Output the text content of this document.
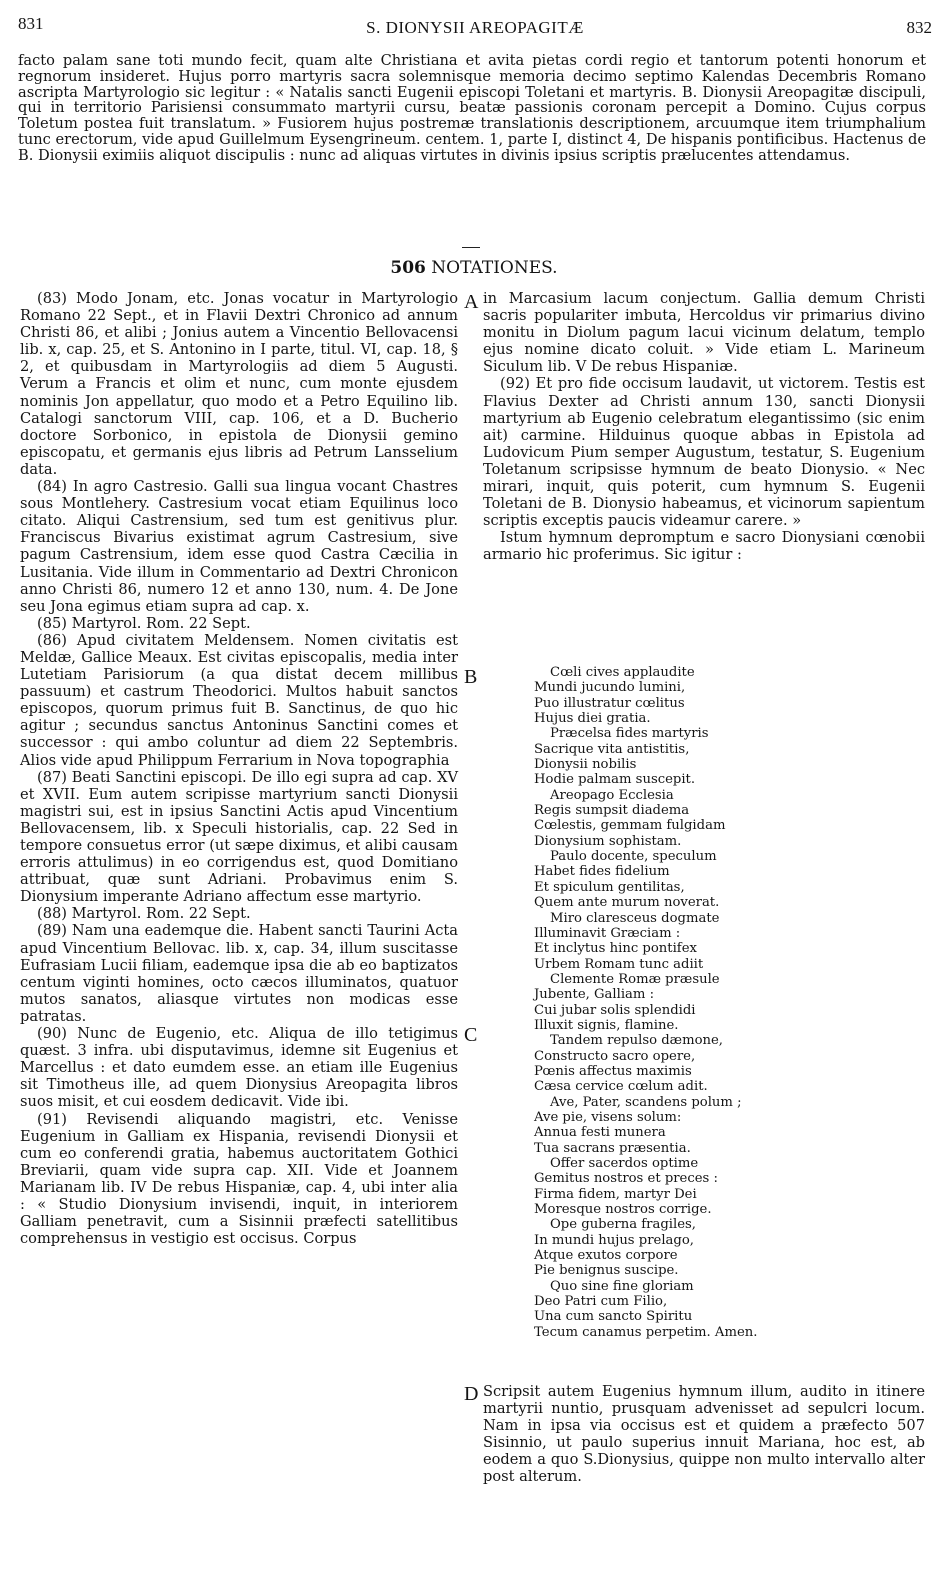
831	S. DIONYSII AREOPAGITÆ	832
facto palam sane toti mundo fecit, quam alte Christiana et avita pietas cordi regio et tantorum potenti honorum et regnorum insideret. Hujus porro martyris sacra solemnisque memoria decimo septimo Kalendas Decembris Romano ascripta Martyrologio sic legitur : « Natalis sancti Eugenii episcopi Toletani et martyris. B. Dionysii Areopagitæ discipuli, qui in territorio Parisiensi consummato martyrii cursu, beatæ passionis coronam percepit a Domino. Cujus corpus Toletum postea fuit translatum. » Fusiorem hujus postremæ translationis descriptionem, arcuumque item triumphalium tunc erectorum, vide apud Guillelmum Eysengrineum. centem. 1, parte I, distinct 4, De hispanis pontificibus. Hactenus de B. Dionysii eximiis aliquot discipulis : nunc ad aliquas virtutes in divinis ipsius scriptis prælucentes attendamus.
506 NOTATIONES.

(83) Modo Jonam, etc. Jonas vocatur in Martyrologio Romano 22 Sept., et in Flavii Dextri Chronico ad annum Christi 86, et alibi ; Jonius autem a Vincentio Bellovacensi lib. x, cap. 25, et S. Antonino in I parte, titul. VI, cap. 18, § 2, et quibusdam in Martyrologiis ad diem 5 Augusti. Verum a Francis et olim et nunc, cum monte ejusdem nominis Jon appellatur, quo modo et a Petro Equilino lib. Catalogi sanctorum VIII, cap. 106, et a D. Bucherio doctore Sorbonico, in epistola de Dionysii gemino episcopatu, et germanis ejus libris ad Petrum Lansselium data.

(84) In agro Castresio. Galli sua lingua vocant Chastres sous Montlehery. Castresium vocat etiam Equilinus loco citato. Aliqui Castrensium, sed tum est genitivus plur. Franciscus Bivarius existimat agrum Castresium, sive pagum Castrensium, idem esse quod Castra Cæcilia in Lusitania. Vide illum in Commentario ad Dextri Chronicon anno Christi 86, numero 12 et anno 130, num. 4. De Jone seu Jona egimus etiam supra ad cap. x.

(85) Martyrol. Rom. 22 Sept.

(86) Apud civitatem Meldensem. Nomen civitatis est Meldæ, Gallice Meaux. Est civitas episcopalis, media inter Lutetiam Parisiorum (a qua distat decem millibus passuum) et castrum Theodorici. Multos habuit sanctos episcopos, quorum primus fuit B. Sanctinus, de quo hic agitur ; secundus sanctus Antoninus Sanctini comes et successor : qui ambo coluntur ad diem 22 Septembris. Alios vide apud Philippum Ferrarium in Nova topographia

(87) Beati Sanctini episcopi. De illo egi supra ad cap. XV et XVII. Eum autem scripisse martyrium sancti Dionysii magistri sui, est in ipsius Sanctini Actis apud Vincentium Bellovacensem, lib. x Speculi historialis, cap. 22 Sed in tempore consuetus error (ut sæpe diximus, et alibi causam erroris attulimus) in eo corrigendus est, quod Domitiano attribuat, quæ sunt Adriani. Probavimus enim S. Dionysium imperante Adriano affectum esse martyrio.

(88) Martyrol. Rom. 22 Sept.

(89) Nam una eademque die. Habent sancti Taurini Acta apud Vincentium Bellovac. lib. x, cap. 34, illum suscitasse Eufrasiam Lucii filiam, eademque ipsa die ab eo baptizatos centum viginti homines, octo cæcos illuminatos, quatuor mutos sanatos, aliasque virtutes non modicas esse patratas.

(90) Nunc de Eugenio, etc. Aliqua de illo tetigimus quæst. 3 infra. ubi disputavimus, idemne sit Eugenius et Marcellus : et dato eumdem esse. an etiam ille Eugenius sit Timotheus ille, ad quem Dionysius Areopagita libros suos misit, et cui eosdem dedicavit. Vide ibi.

(91) Revisendi aliquando magistri, etc. Venisse Eugenium in Galliam ex Hispania, revisendi Dionysii et cum eo conferendi gratia, habemus auctoritatem Gothici Breviarii, quam vide supra cap. XII. Vide et Joannem Marianam lib. IV De rebus Hispaniæ, cap. 4, ubi inter alia : « Studio Dionysium invisendi, inquit, in interiorem Galliam penetravit, cum a Sisinnii præfecti satellitibus comprehensus in vestigio est occisus. Corpus

in Marcasium lacum conjectum. Gallia demum Christi sacris populariter imbuta, Hercoldus vir primarius divino monitu in Diolum pagum lacui vicinum delatum, templo ejus nomine dicato coluit. » Vide etiam L. Marineum Siculum lib. V De rebus Hispaniæ.

(92) Et pro fide occisum laudavit, ut victorem. Testis est Flavius Dexter ad Christi annum 130, sancti Dionysii martyrium ab Eugenio celebratum elegantissimo (sic enim ait) carmine. Hilduinus quoque abbas in Epistola ad Ludovicum Pium semper Augustum, testatur, S. Eugenium Toletanum scripsisse hymnum de beato Dionysio. « Nec mirari, inquit, quis poterit, cum hymnum S. Eugenii Toletani de B. Dionysio habeamus, et vicinorum sapientum scriptis exceptis paucis videamur carere. »

Istum hymnum depromptum e sacro Dionysiani cœnobii armario hic proferimus. Sic igitur :

Cœli cives applaudite
Mundi jucundo lumini,
Puo illustratur cœlitus
Hujus diei gratia.
Præcelsa fides martyris
Sacrique vita antistitis,
Dionysii nobilis
Hodie palmam suscepit.
Areopago Ecclesia
Regis sumpsit diadema
Cœlestis, gemmam fulgidam
Dionysium sophistam.
Paulo docente, speculum
Habet fides fidelium
Et spiculum gentilitas,
Quem ante murum noverat.
Miro claresceus dogmate
Illuminavit Græciam :
Et inclytus hinc pontifex
Urbem Romam tunc adiit
Clemente Romæ præsule
Jubente, Galliam :
Cui jubar solis splendidi
Illuxit signis, flamine.
Tandem repulso dæmone,
Constructo sacro opere,
Pœnis affectus maximis
Cæsa cervice cœlum adit.
Ave, Pater, scandens polum ;
Ave pie, visens solum:
Annua festi munera
Tua sacrans præsentia.
Offer sacerdos optime
Gemitus nostros et preces :
Firma fidem, martyr Dei
Moresque nostros corrige.
Ope guberna fragiles,
In mundi hujus prelago,
Atque exutos corpore
Pie benignus suscipe.
Quo sine fine gloriam
Deo Patri cum Filio,
Una cum sancto Spiritu
Tecum canamus perpetim. Amen.

Scripsit autem Eugenius hymnum illum, audito in itinere martyrii nuntio, prusquam advenisset ad sepulcri locum. Nam in ipsa via occisus est et quidem a præfecto 507 Sisinnio, ut paulo superius innuit Mariana, hoc est, ab eodem a quo S.Dionysius, quippe non multo intervallo alter post alterum.

A
B
C
D
